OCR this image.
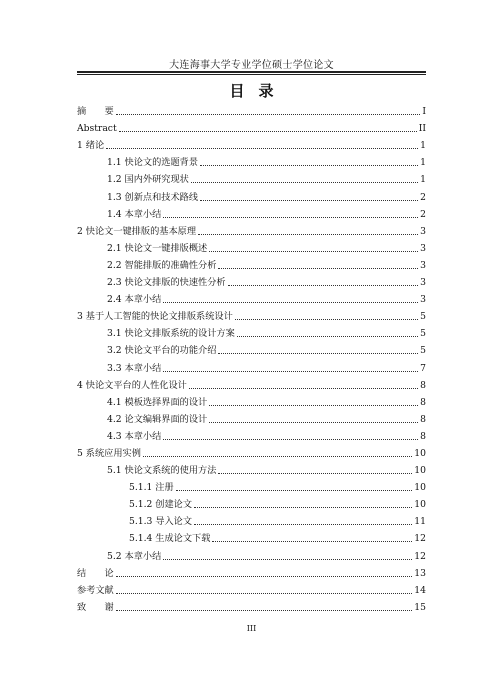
大连海事大学专业学位硕士学位论文
目录
摘　　要	I
Abstract	II
1 绪论	1
1.1 快论文的选题背景	1
1.2 国内外研究现状	1
1.3 创新点和技术路线	2
1.4 本章小结	2
2 快论文一键排版的基本原理	3
2.1 快论文一键排版概述	3
2.2 智能排版的准确性分析	3
2.3 快论文排版的快速性分析	3
2.4 本章小结	3
3 基于人工智能的快论文排版系统设计	5
3.1 快论文排版系统的设计方案	5
3.2 快论文平台的功能介绍	5
3.3 本章小结	7
4 快论文平台的人性化设计	8
4.1 模板选择界面的设计	8
4.2 论文编辑界面的设计	8
4.3 本章小结	8
5 系统应用实例	10
5.1 快论文系统的使用方法	10
5.1.1 注册	10
5.1.2 创建论文	10
5.1.3 导入论文	11
5.1.4 生成论文下载	12
5.2 本章小结	12
结　　论	13
参考文献	14
致　　谢	15
III
